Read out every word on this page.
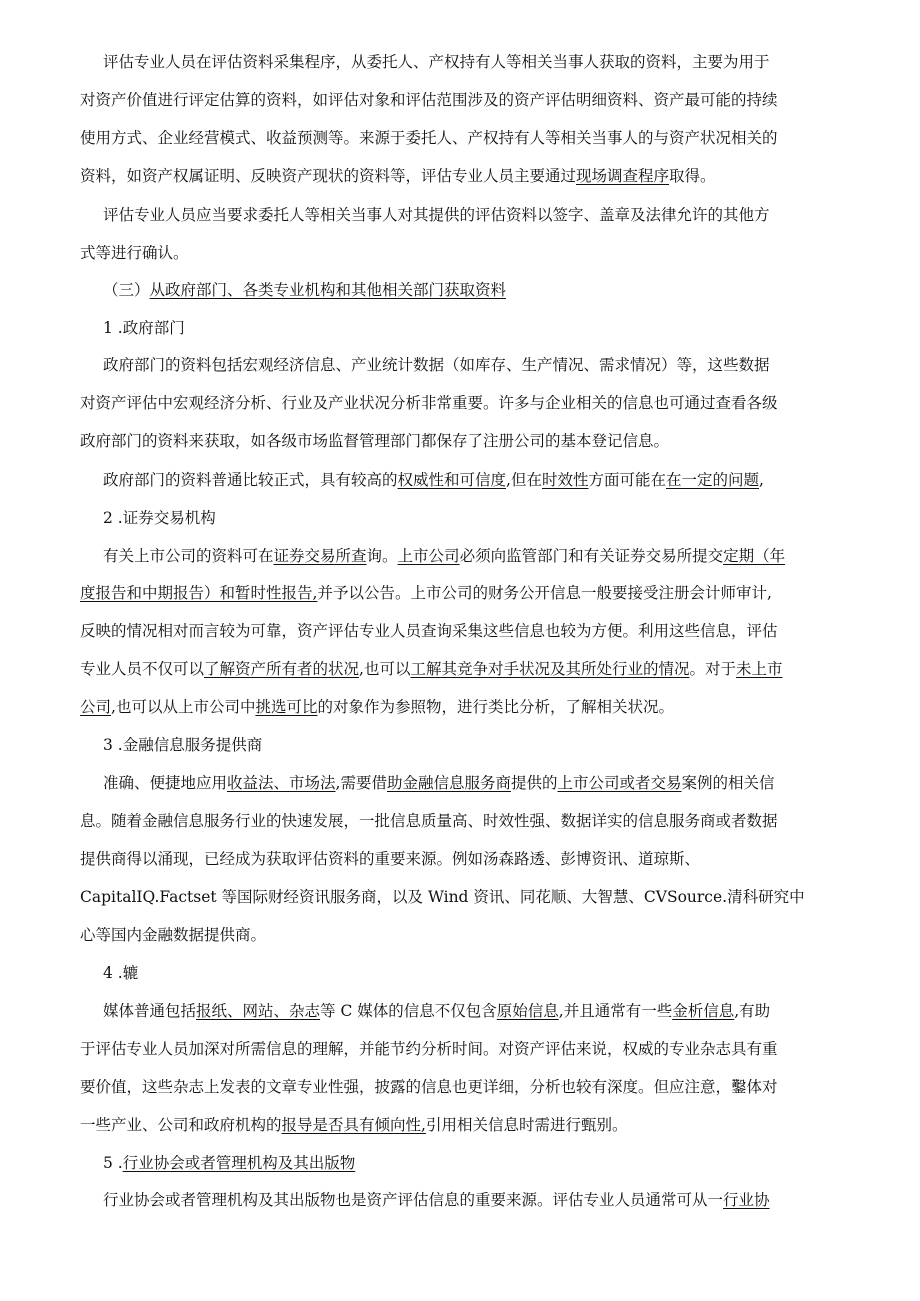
评估专业人员在评估资料采集程序，从委托人、产权持有人等相关当事人获取的资料，主要为用于

对资产价值进行评定估算的资料，如评估对象和评估范围涉及的资产评估明细资料、资产最可能的持续

使用方式、企业经营模式、收益预测等。来源于委托人、产权持有人等相关当事人的与资产状况相关的

资料，如资产权属证明、反映资产现状的资料等，评估专业人员主要通过现场调查程序取得。

评估专业人员应当要求委托人等相关当事人对其提供的评估资料以签字、盖章及法律允许的其他方

式等进行确认。

（三）从政府部门、各类专业机构和其他相关部门获取资料

1 .政府部门

政府部门的资料包括宏观经济信息、产业统计数据（如库存、生产情况、需求情况）等，这些数据

对资产评估中宏观经济分析、行业及产业状况分析非常重要。许多与企业相关的信息也可通过查看各级

政府部门的资料来获取，如各级市场监督管理部门都保存了注册公司的基本登记信息。

政府部门的资料普通比较正式，具有较高的权威性和可信度,但在时效性方面可能在在一定的问题,

2 .证券交易机构

有关上市公司的资料可在证券交易所查询。上市公司必须向监管部门和有关证券交易所提交定期（年

度报告和中期报告）和暂时性报告,并予以公告。上市公司的财务公开信息一般要接受注册会计师审计,

反映的情况相对而言较为可靠，资产评估专业人员查询采集这些信息也较为方便。利用这些信息，评估

专业人员不仅可以了解资产所有者的状况,也可以工解其竞争对手状况及其所处行业的情况。对于未上市

公司,也可以从上市公司中挑选可比的对象作为参照物，进行类比分析，了解相关状况。

3 .金融信息服务提供商

准确、便捷地应用收益法、市场法,需要借助金融信息服务商提供的上市公司或者交易案例的相关信

息。随着金融信息服务行业的快速发展，一批信息质量高、时效性强、数据详实的信息服务商或者数据

提供商得以涌现，已经成为获取评估资料的重要来源。例如汤森路透、彭博资讯、道琼斯、

CapitalIQ.Factset 等国际财经资讯服务商，以及 Wind 资讯、同花顺、大智慧、CVSource.清科研究中

心等国内金融数据提供商。

4 .辘

媒体普通包括报纸、网站、杂志等 C 媒体的信息不仅包含原始信息,并且通常有一些金析信息,有助

于评估专业人员加深对所需信息的理解，并能节约分析时间。对资产评估来说，权威的专业杂志具有重

要价值，这些杂志上发表的文章专业性强，披露的信息也更详细，分析也较有深度。但应注意，鑿体对

一些产业、公司和政府机构的报导是否具有倾向性,引用相关信息时需进行甄别。

5 .行业协会或者管理机构及其出版物

行业协会或者管理机构及其出版物也是资产评估信息的重要来源。评估专业人员通常可从一行业协
